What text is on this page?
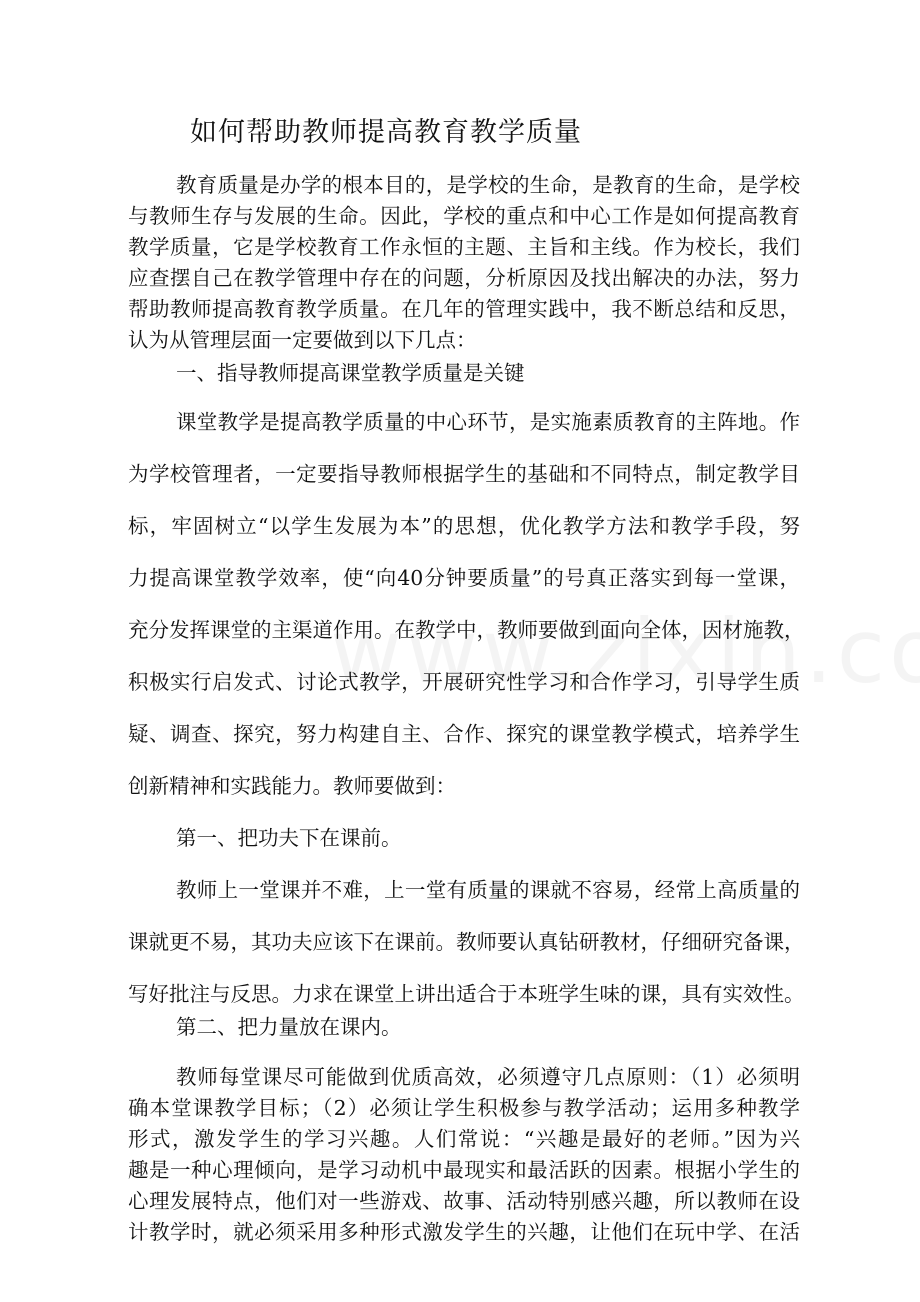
如何帮助教师提高教育教学质量

教育质量是办学的根本目的，是学校的生命，是教育的生命，是学校

与教师生存与发展的生命。因此，学校的重点和中心工作是如何提高教育

教学质量，它是学校教育工作永恒的主题、主旨和主线。作为校长，我们

应查摆自己在教学管理中存在的问题，分析原因及找出解决的办法，努力

帮助教师提高教育教学质量。在几年的管理实践中，我不断总结和反思，

认为从管理层面一定要做到以下几点：

一、指导教师提高课堂教学质量是关键

课堂教学是提高教学质量的中心环节，是实施素质教育的主阵地。作

为学校管理者，一定要指导教师根据学生的基础和不同特点，制定教学目

标，牢固树立“以学生发展为本”的思想，优化教学方法和教学手段，努

力提高课堂教学效率，使“向40分钟要质量”的号真正落实到每一堂课，

充分发挥课堂的主渠道作用。在教学中，教师要做到面向全体，因材施教，

积极实行启发式、讨论式教学，开展研究性学习和合作学习，引导学生质

疑、调查、探究，努力构建自主、合作、探究的课堂教学模式，培养学生

创新精神和实践能力。教师要做到：

第一、把功夫下在课前。

教师上一堂课并不难，上一堂有质量的课就不容易，经常上高质量的

课就更不易，其功夫应该下在课前。教师要认真钻研教材，仔细研究备课，

写好批注与反思。力求在课堂上讲出适合于本班学生味的课，具有实效性。

第二、把力量放在课内。

教师每堂课尽可能做到优质高效，必须遵守几点原则：（1）必须明

确本堂课教学目标；（2）必须让学生积极参与教学活动；运用多种教学

形式，激发学生的学习兴趣。人们常说：“兴趣是最好的老师。”因为兴

趣是一种心理倾向，是学习动机中最现实和最活跃的因素。根据小学生的

心理发展特点，他们对一些游戏、故事、活动特别感兴趣，所以教师在设

计教学时，就必须采用多种形式激发学生的兴趣，让他们在玩中学、在活
